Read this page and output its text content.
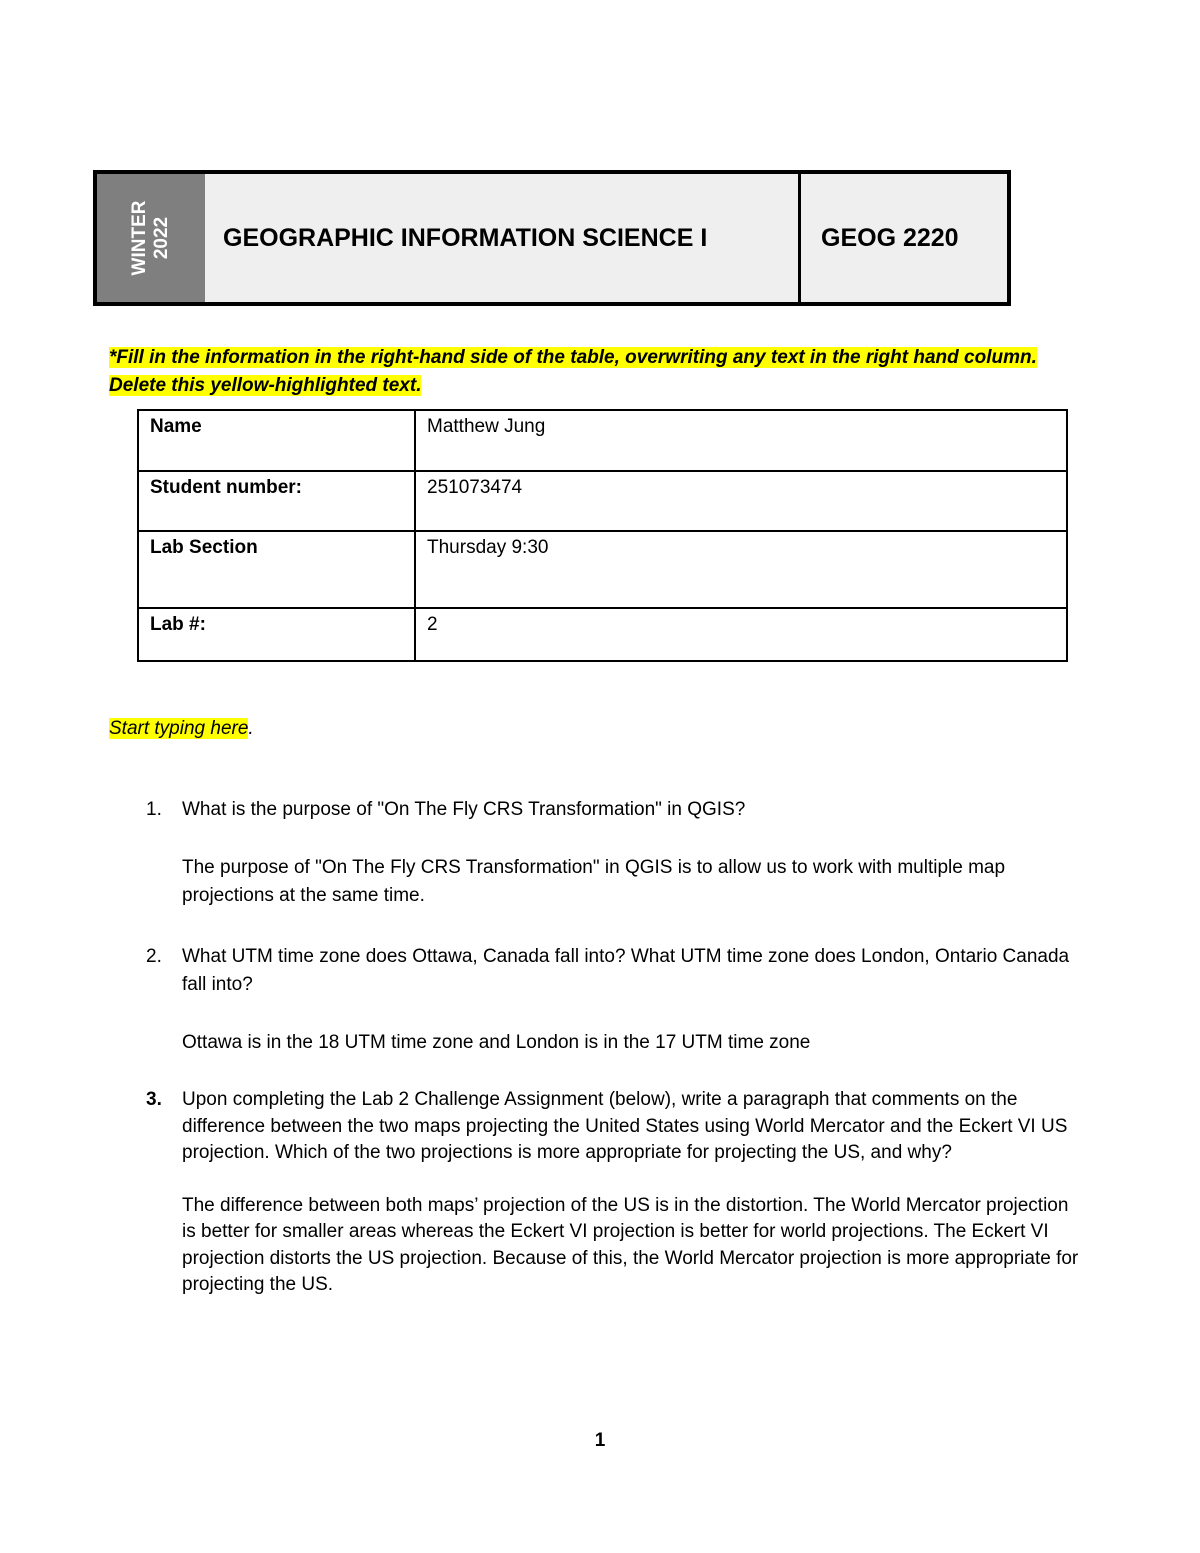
WINTER 2022	GEOGRAPHIC INFORMATION SCIENCE I	GEOG 2220
*Fill in the information in the right-hand side of the table, overwriting any text in the right hand column. Delete this yellow-highlighted text.
Name	Matthew Jung
Student number:	251073474
Lab Section	Thursday 9:30
Lab #:	2
Start typing here.
1.	What is the purpose of "On The Fly CRS Transformation" in QGIS?
The purpose of "On The Fly CRS Transformation" in QGIS is to allow us to work with multiple map projections at the same time.
2.	What UTM time zone does Ottawa, Canada fall into? What UTM time zone does London, Ontario Canada fall into?
Ottawa is in the 18 UTM time zone and London is in the 17 UTM time zone
3.	Upon completing the Lab 2 Challenge Assignment (below), write a paragraph that comments on the difference between the two maps projecting the United States using World Mercator and the Eckert VI US projection. Which of the two projections is more appropriate for projecting the US, and why?
The difference between both maps’ projection of the US is in the distortion. The World Mercator projection is better for smaller areas whereas the Eckert VI projection is better for world projections. The Eckert VI projection distorts the US projection. Because of this, the World Mercator projection is more appropriate for projecting the US.
1
